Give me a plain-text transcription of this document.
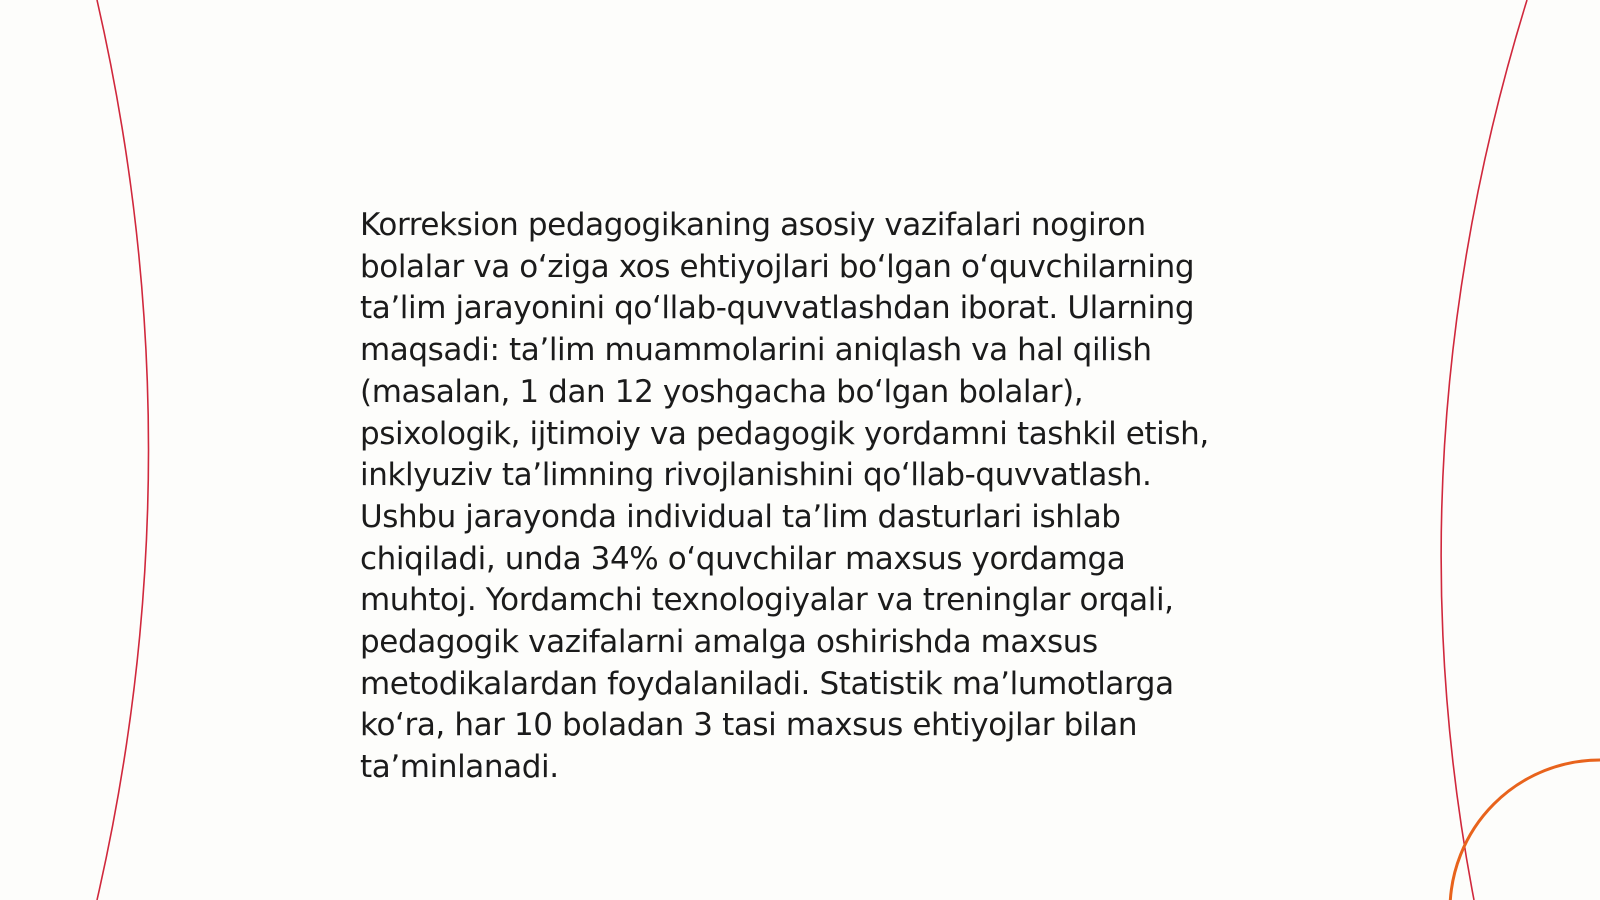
Korreksion pedagogikaning asosiy vazifalari nogiron bolalar va o‘ziga xos ehtiyojlari bo‘lgan o‘quvchilarning ta’lim jarayonini qo‘llab-quvvatlashdan iborat. Ularning maqsadi: ta’lim muammolarini aniqlash va hal qilish (masalan, 1 dan 12 yoshgacha bo‘lgan bolalar), psixologik, ijtimoiy va pedagogik yordamni tashkil etish, inklyuziv ta’limning rivojlanishini qo‘llab-quvvatlash. Ushbu jarayonda individual ta’lim dasturlari ishlab chiqiladi, unda 34% o‘quvchilar maxsus yordamga muhtoj. Yordamchi texnologiyalar va treninglar orqali, pedagogik vazifalarni amalga oshirishda maxsus metodikalardan foydalaniladi. Statistik ma’lumotlarga ko‘ra, har 10 boladan 3 tasi maxsus ehtiyojlar bilan ta’minlanadi.
